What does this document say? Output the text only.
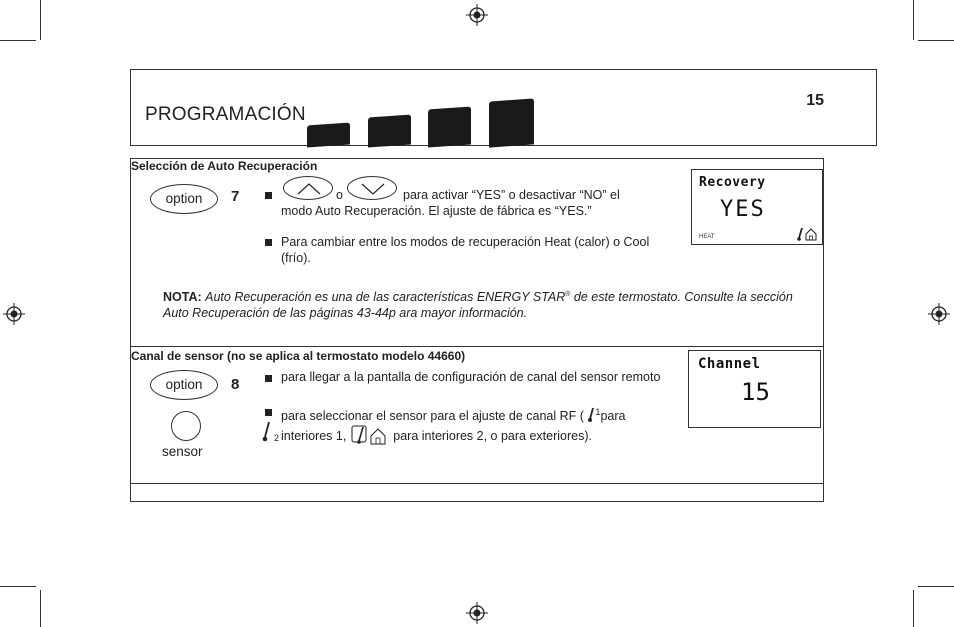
PROGRAMACIÓN
15
Selección de Auto Recuperación
option	7	o	para activar “YES” o desactivar “NO” el modo Auto Recuperación. El ajuste de fábrica es “YES.”
Para cambiar entre los modos de recuperación Heat (calor) o Cool (frío).
NOTA: Auto Recuperación es una de las características ENERGY STAR® de este termostato. Consulte la sección Auto Recuperación de las páginas 43-44p ara mayor información.
Recovery
YES
HEAT
Canal de sensor (no se aplica al termostato modelo 44660)
option	8
sensor
para llegar a la pantalla de configuración de canal del sensor remoto
para seleccionar el sensor para el ajuste de canal RF ( $^1$para
interiores 1,	para interiores 2, o para exteriores).
2
Channel
15
